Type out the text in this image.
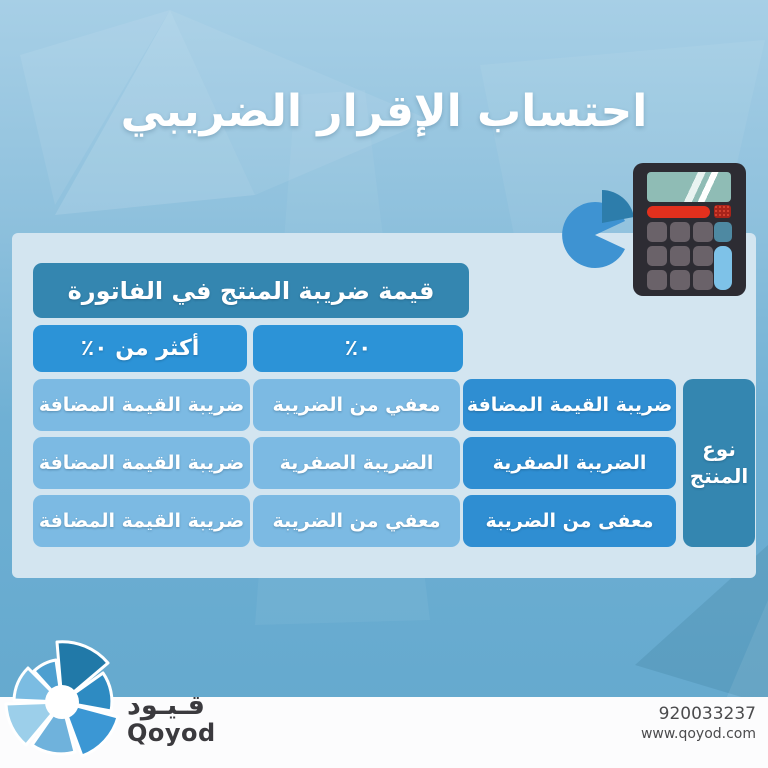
احتساب الإقرار الضريبي
قيمة ضريبة المنتج في الفاتورة
أكثر من ٠٪	٠٪
ضريبة القيمة المضافة
معفي من الضريبة
ضريبة القيمة المضافة
الضريبة الصفرية
الضريبة الصفرية
ضريبة القيمة المضافة
معفى من الضريبة
معفي من الضريبة
ضريبة القيمة المضافة
نوع المنتج
قـيـود
Qoyod
920033237
www.qoyod.com
